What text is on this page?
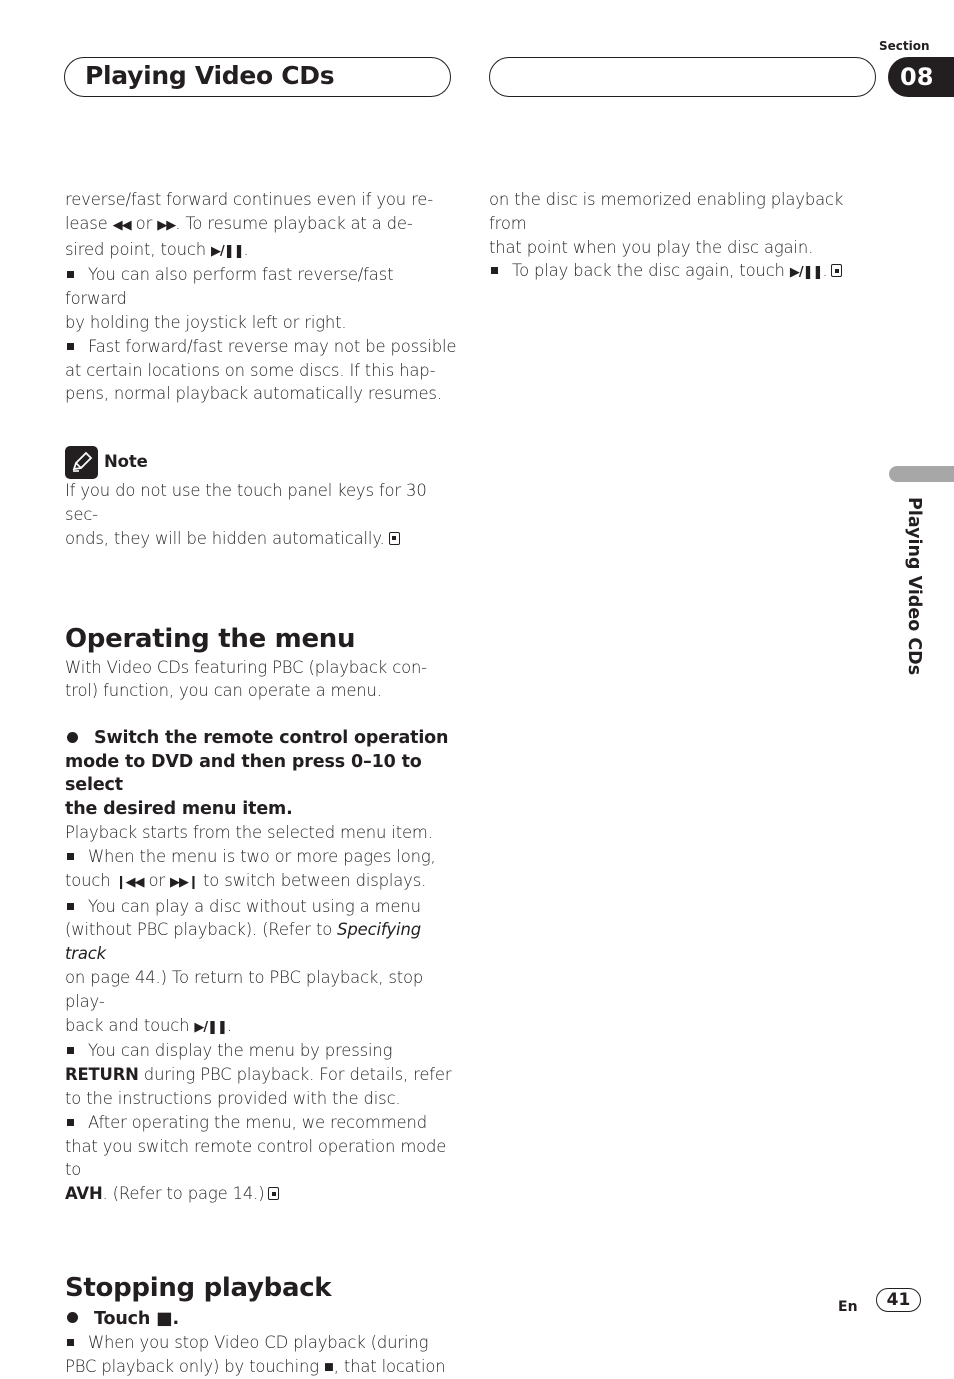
Playing Video CDs
Section
08
Playing Video CDs

reverse/fast forward continues even if you re-
lease ◀◀ or ▶▶. To resume playback at a de-
sired point, touch ▶/❚❚.

You can also perform fast reverse/fast forward
by holding the joystick left or right.

Fast forward/fast reverse may not be possible
at certain locations on some discs. If this hap-
pens, normal playback automatically resumes.

Note

If you do not use the touch panel keys for 30 sec-
onds, they will be hidden automatically.

Operating the menu

With Video CDs featuring PBC (playback con-
trol) function, you can operate a menu.

Switch the remote control operation
mode to DVD and then press 0–10 to select
the desired menu item.

Playback starts from the selected menu item.

When the menu is two or more pages long,
touch ❙◀◀ or ▶▶❙ to switch between displays.

You can play a disc without using a menu
(without PBC playback). (Refer to Specifying track
on page 44.) To return to PBC playback, stop play-
back and touch ▶/❚❚.

You can display the menu by pressing
RETURN during PBC playback. For details, refer
to the instructions provided with the disc.

After operating the menu, we recommend
that you switch remote control operation mode to
AVH. (Refer to page 14.)

Stopping playback
Touch ■.

When you stop Video CD playback (during
PBC playback only) by touching ■, that location

on the disc is memorized enabling playback from
that point when you play the disc again.

To play back the disc again, touch ▶/❚❚.

En	41
